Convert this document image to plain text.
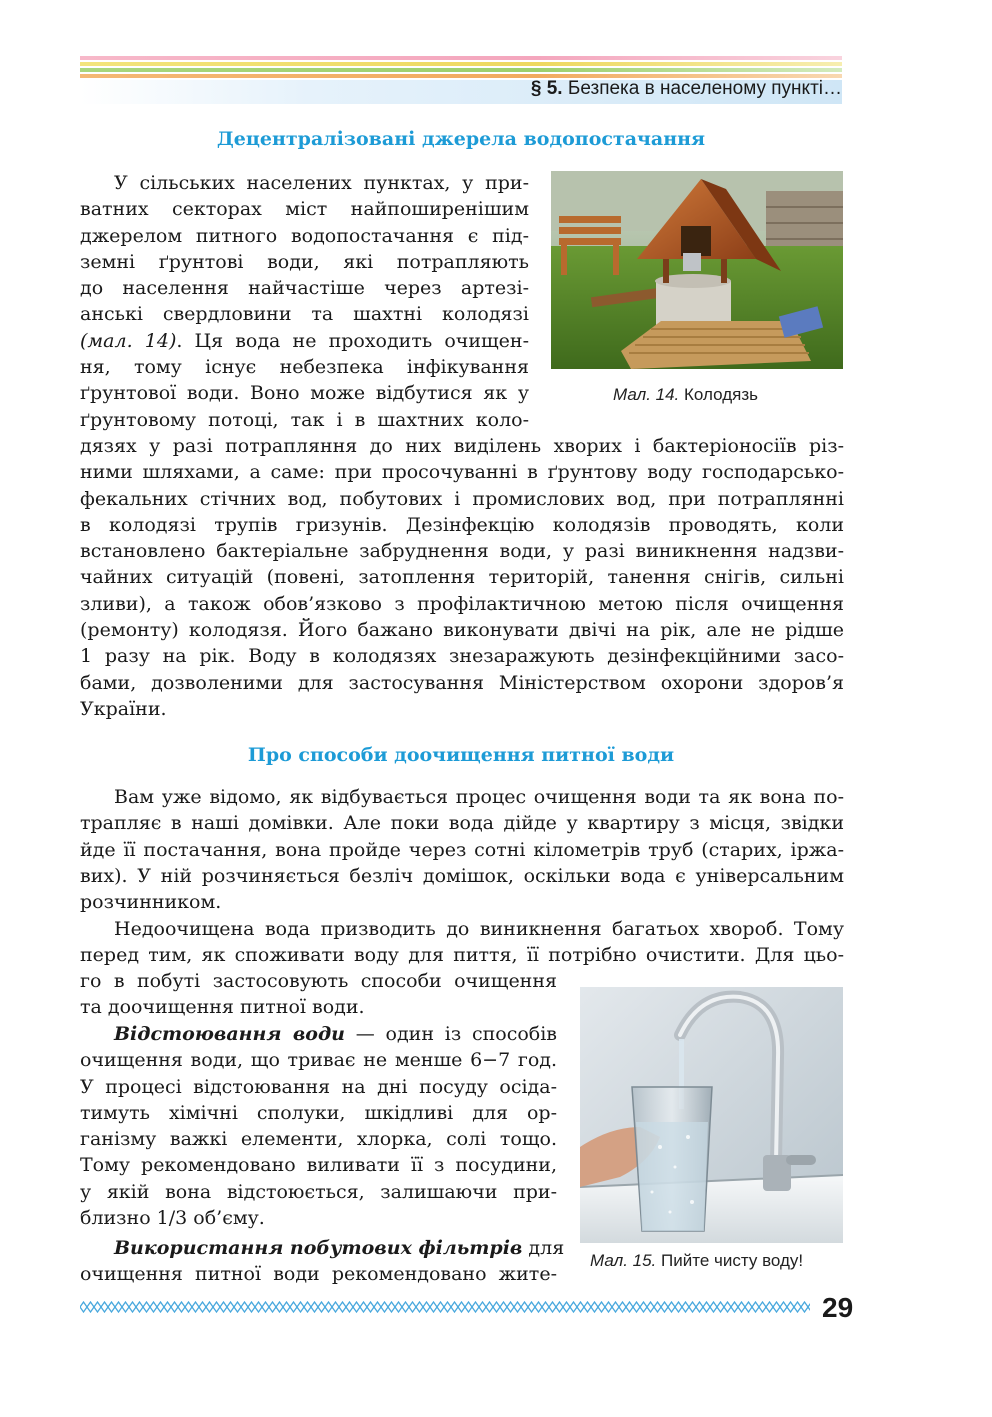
§ 5. Безпека в населеному пункті…
Децентралізовані джерела водопостачання
У сільських населених пунктах, у при-
ватних секторах міст найпоширенішим
джерелом питного водопостачання є під-
земні ґрунтові води, які потрапляють
до населення найчастіше через артезі-
анські свердловини та шахтні колодязі
(мал. 14). Ця вода не проходить очищен-
ня, тому існує небезпека інфікування
ґрунтової води. Воно може відбутися як у
ґрунтовому потоці, так і в шахтних коло-
дязях у разі потрапляння до них виділень хворих і бактеріоносіїв різ-
ними шляхами, а саме: при просочуванні в ґрунтову воду господарсько-
фекальних стічних вод, побутових і промислових вод, при потраплянні
в колодязі трупів гризунів. Дезінфекцію колодязів проводять, коли
встановлено бактеріальне забруднення води, у разі виникнення надзви-
чайних ситуацій (повені, затоплення територій, танення снігів, сильні
зливи), а також обов’язково з профілактичною метою після очищення
(ремонту) колодязя. Його бажано виконувати двічі на рік, але не рідше
1 разу на рік. Воду в колодязях знезаражують дезінфекційними засо-
бами, дозволеними для застосування Міністерством охорони здоров’я
України.
Мал. 14. Колодязь
Про способи доочищення питної води
Вам уже відомо, як відбувається процес очищення води та як вона по-
трапляє в наші домівки. Але поки вода дійде у квартиру з місця, звідки
йде її постачання, вона пройде через сотні кілометрів труб (старих, іржа-
вих). У ній розчиняється безліч домішок, оскільки вода є універсальним
розчинником.
Недоочищена вода призводить до виникнення багатьох хвороб. Тому
перед тим, як споживати воду для пиття, її потрібно очистити. Для цьо-
го в побуті застосовують способи очищення
та доочищення питної води.
Відстоювання води — один із способів
очищення води, що триває не менше 6−7 год.
У процесі відстоювання на дні посуду осіда-
тимуть хімічні сполуки, шкідливі для ор-
ганізму важкі елементи, хлорка, солі тощо.
Тому рекомендовано виливати її з посудини,
у якій вона відстоюється, залишаючи при-
близно 1/3 об’єму.
Використання побутових фільтрів для
очищення питної води рекомендовано жите-
Мал. 15. Пийте чисту воду!
29
